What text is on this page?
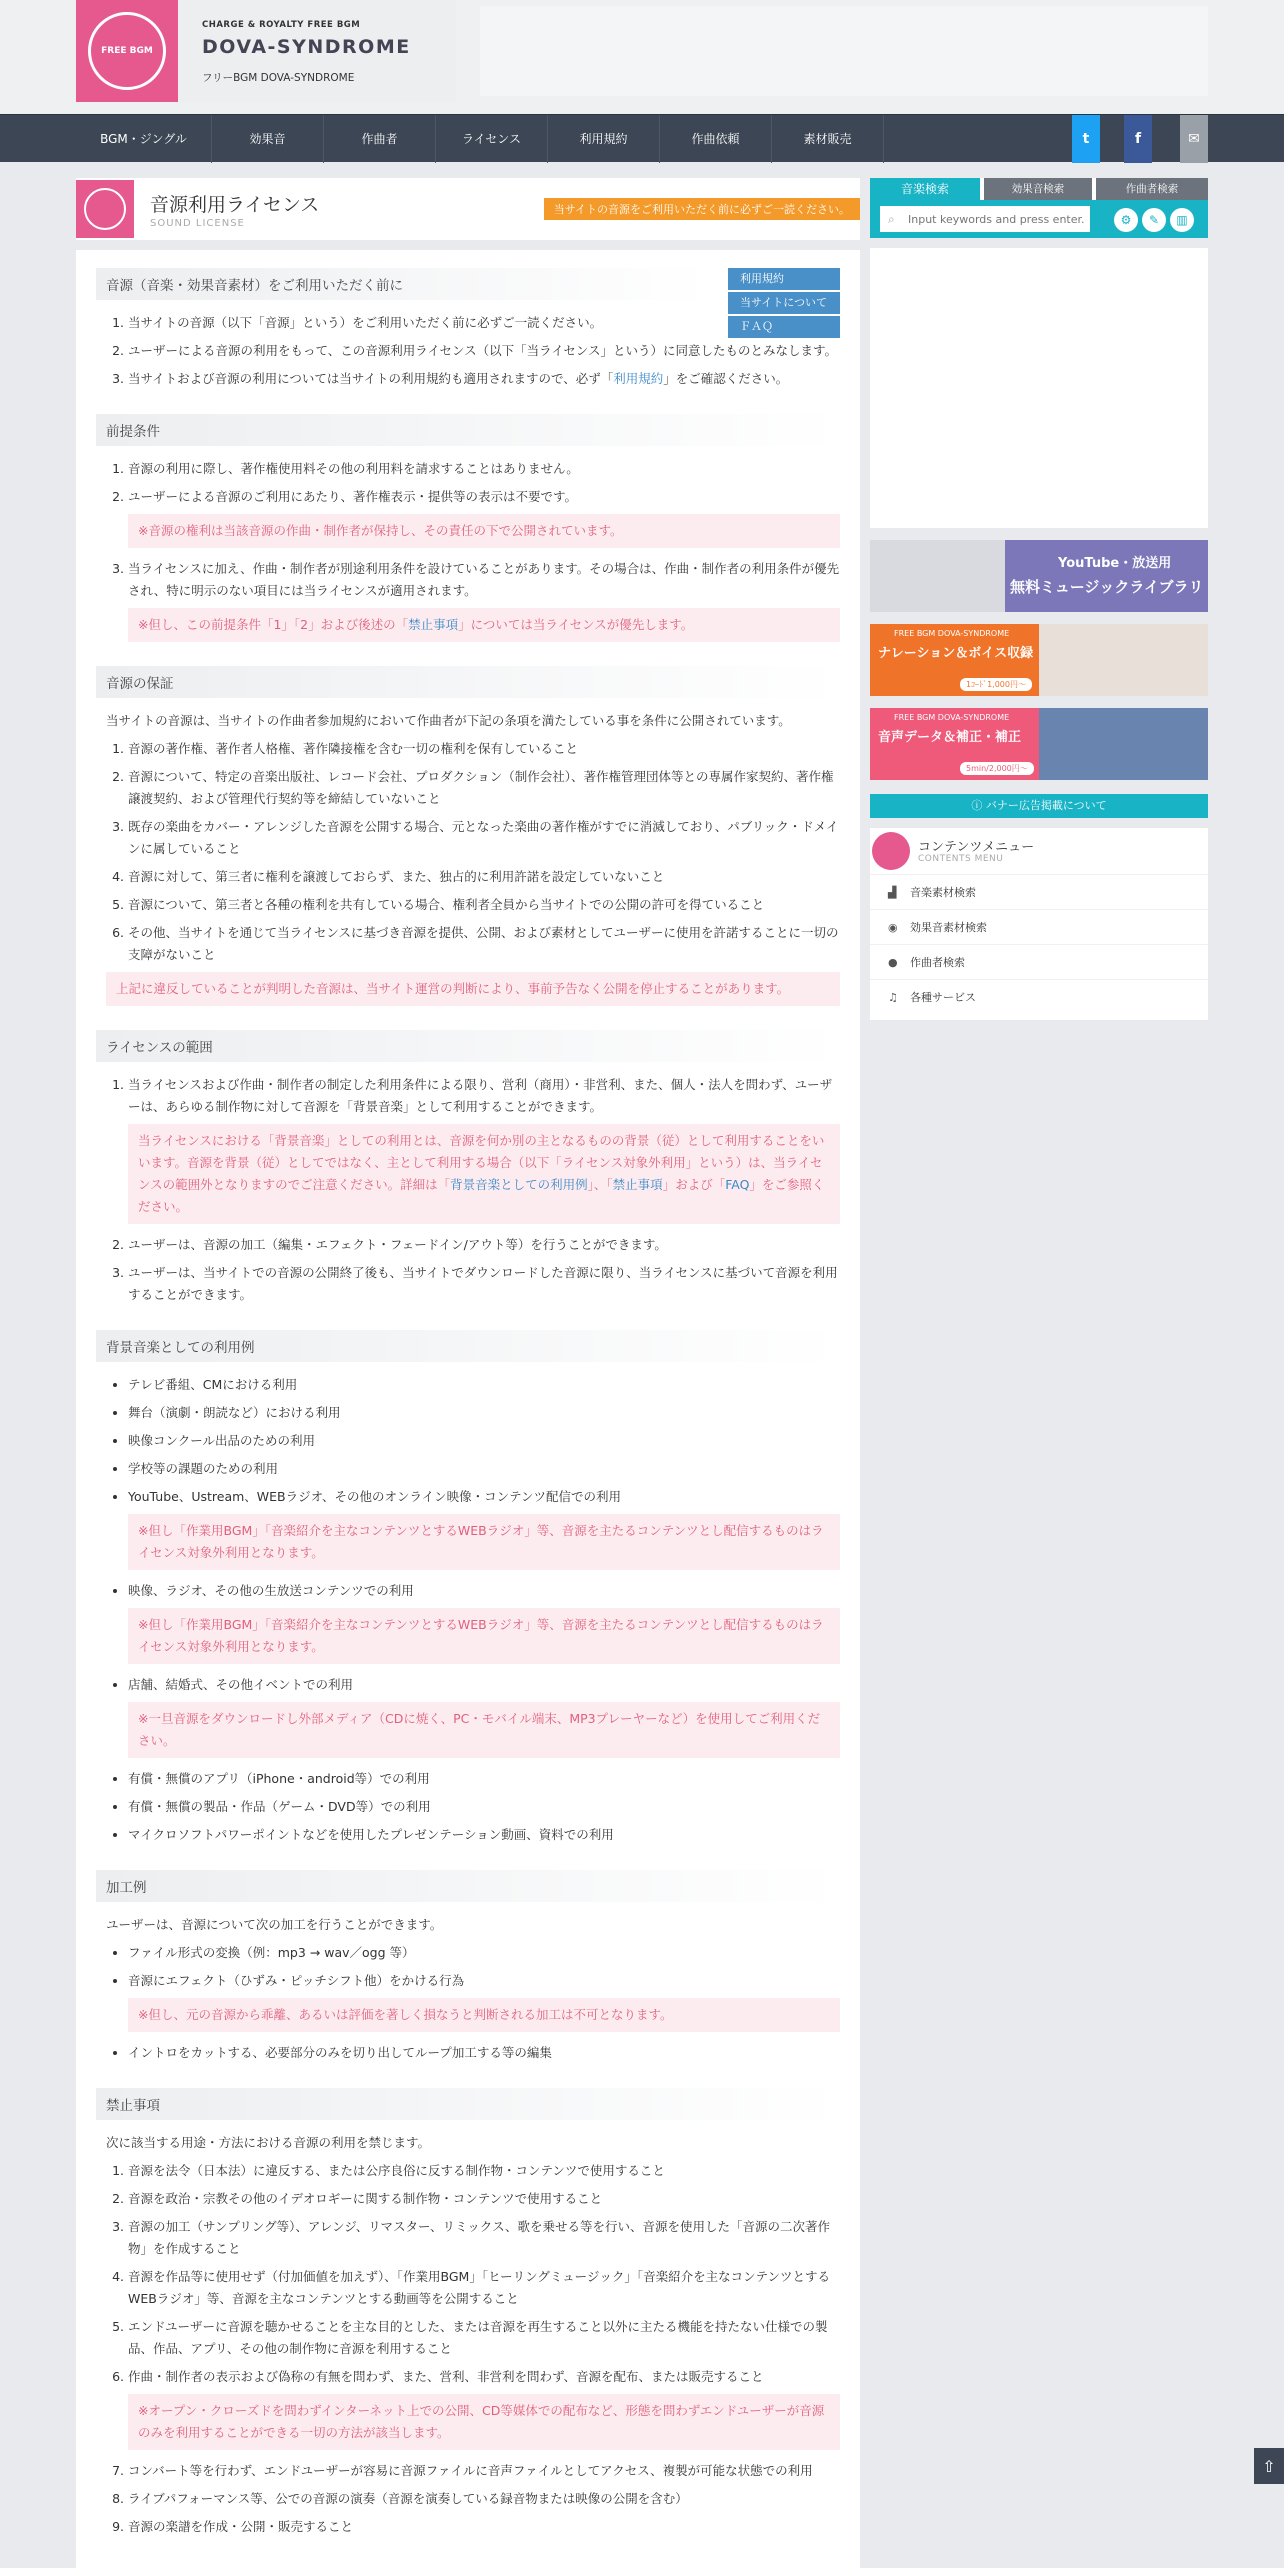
FREE BGM
CHARGE & ROYALTY FREE BGM
DOVA-SYNDROME
フリーBGM DOVA-SYNDROME
BGM・ジングル	効果音	作曲者	ライセンス	利用規約	作曲依頼	素材販売	t	f	✉
音源利用ライセンス
SOUND LICENSE
当サイトの音源をご利用いただく前に必ずご一読ください。
利用規約
当サイトについて
ＦＡＱ
音源（音楽・効果音素材）をご利用いただく前に
1. 当サイトの音源（以下「音源」という）をご利用いただく前に必ずご一読ください。
2. ユーザーによる音源の利用をもって、この音源利用ライセンス（以下「当ライセンス」という）に同意したものとみなします。
3. 当サイトおよび音源の利用については当サイトの利用規約も適用されますので、必ず「利用規約」をご確認ください。
前提条件
1. 音源の利用に際し、著作権使用料その他の利用料を請求することはありません。
2. ユーザーによる音源のご利用にあたり、著作権表示・提供等の表示は不要です。
※音源の権利は当該音源の作曲・制作者が保持し、その責任の下で公開されています。
3. 当ライセンスに加え、作曲・制作者が別途利用条件を設けていることがあります。その場合は、作曲・制作者の利用条件が優先され、特に明示のない項目には当ライセンスが適用されます。
※但し、この前提条件「1」「2」および後述の「禁止事項」については当ライセンスが優先します。
音源の保証
当サイトの音源は、当サイトの作曲者参加規約において作曲者が下記の条項を満たしている事を条件に公開されています。
1. 音源の著作権、著作者人格権、著作隣接権を含む一切の権利を保有していること
2. 音源について、特定の音楽出版社、レコード会社、プロダクション（制作会社）、著作権管理団体等との専属作家契約、著作権譲渡契約、および管理代行契約等を締結していないこと
3. 既存の楽曲をカバー・アレンジした音源を公開する場合、元となった楽曲の著作権がすでに消滅しており、パブリック・ドメインに属していること
4. 音源に対して、第三者に権利を譲渡しておらず、また、独占的に利用許諾を設定していないこと
5. 音源について、第三者と各種の権利を共有している場合、権利者全員から当サイトでの公開の許可を得ていること
6. その他、当サイトを通じて当ライセンスに基づき音源を提供、公開、および素材としてユーザーに使用を許諾することに一切の支障がないこと
上記に違反していることが判明した音源は、当サイト運営の判断により、事前予告なく公開を停止することがあります。
ライセンスの範囲
1. 当ライセンスおよび作曲・制作者の制定した利用条件による限り、営利（商用）・非営利、また、個人・法人を問わず、ユーザーは、あらゆる制作物に対して音源を「背景音楽」として利用することができます。
当ライセンスにおける「背景音楽」としての利用とは、音源を何か別の主となるものの背景（従）として利用することをいいます。音源を背景（従）としてではなく、主として利用する場合（以下「ライセンス対象外利用」という）は、当ライセンスの範囲外となりますのでご注意ください。詳細は「背景音楽としての利用例」、「禁止事項」および「FAQ」をご参照ください。
2. ユーザーは、音源の加工（編集・エフェクト・フェードイン/アウト等）を行うことができます。
3. ユーザーは、当サイトでの音源の公開終了後も、当サイトでダウンロードした音源に限り、当ライセンスに基づいて音源を利用することができます。
背景音楽としての利用例
• テレビ番組、CMにおける利用
• 舞台（演劇・朗読など）における利用
• 映像コンクール出品のための利用
• 学校等の課題のための利用
• YouTube、Ustream、WEBラジオ、その他のオンライン映像・コンテンツ配信での利用
※但し「作業用BGM」「音楽紹介を主なコンテンツとするWEBラジオ」等、音源を主たるコンテンツとし配信するものはライセンス対象外利用となります。
• 映像、ラジオ、その他の生放送コンテンツでの利用
※但し「作業用BGM」「音楽紹介を主なコンテンツとするWEBラジオ」等、音源を主たるコンテンツとし配信するものはライセンス対象外利用となります。
• 店舗、結婚式、その他イベントでの利用
※一旦音源をダウンロードし外部メディア（CDに焼く、PC・モバイル端末、MP3プレーヤーなど）を使用してご利用ください。
• 有償・無償のアプリ（iPhone・android等）での利用
• 有償・無償の製品・作品（ゲーム・DVD等）での利用
• マイクロソフトパワーポイントなどを使用したプレゼンテーション動画、資料での利用
加工例
ユーザーは、音源について次の加工を行うことができます。
• ファイル形式の変換（例：mp3 → wav／ogg 等）
• 音源にエフェクト（ひずみ・ピッチシフト他）をかける行為
※但し、元の音源から乖離、あるいは評価を著しく損なうと判断される加工は不可となります。
• イントロをカットする、必要部分のみを切り出してループ加工する等の編集
禁止事項
次に該当する用途・方法における音源の利用を禁じます。
1. 音源を法令（日本法）に違反する、または公序良俗に反する制作物・コンテンツで使用すること
2. 音源を政治・宗教その他のイデオロギーに関する制作物・コンテンツで使用すること
3. 音源の加工（サンプリング等）、アレンジ、リマスター、リミックス、歌を乗せる等を行い、音源を使用した「音源の二次著作物」を作成すること
4. 音源を作品等に使用せず（付加価値を加えず）、「作業用BGM」「ヒーリングミュージック」「音楽紹介を主なコンテンツとするWEBラジオ」等、音源を主なコンテンツとする動画等を公開すること
5. エンドユーザーに音源を聴かせることを主な目的とした、または音源を再生すること以外に主たる機能を持たない仕様での製品、作品、アプリ、その他の制作物に音源を利用すること
6. 作曲・制作者の表示および偽称の有無を問わず、また、営利、非営利を問わず、音源を配布、または販売すること
※オープン・クローズドを問わずインターネット上での公開、CD等媒体での配布など、形態を問わずエンドユーザーが音源のみを利用することができる一切の方法が該当します。
7. コンバート等を行わず、エンドユーザーが容易に音源ファイルに音声ファイルとしてアクセス、複製が可能な状態での利用
8. ライブパフォーマンス等、公での音源の演奏（音源を演奏している録音物または映像の公開を含む）
9. 音源の楽譜を作成・公開・販売すること
音楽検索	効果音検索	作曲者検索
Input keywords and press enter.
⌕	⚙	✎	▥
YouTube・放送用
無料ミュージックライブラリ
FREE BGM DOVA-SYNDROME
ナレーション＆ボイス収録
1ｺｰﾄﾞ1,000円〜
FREE BGM DOVA-SYNDROME
音声データ＆補正・補正
5min/2,000円〜
ⓘ バナー広告掲載について
コンテンツメニュー
CONTENTS MENU
▟ 音楽素材検索
◉ 効果音素材検索
● 作曲者検索
♫ 各種サービス
⇧
